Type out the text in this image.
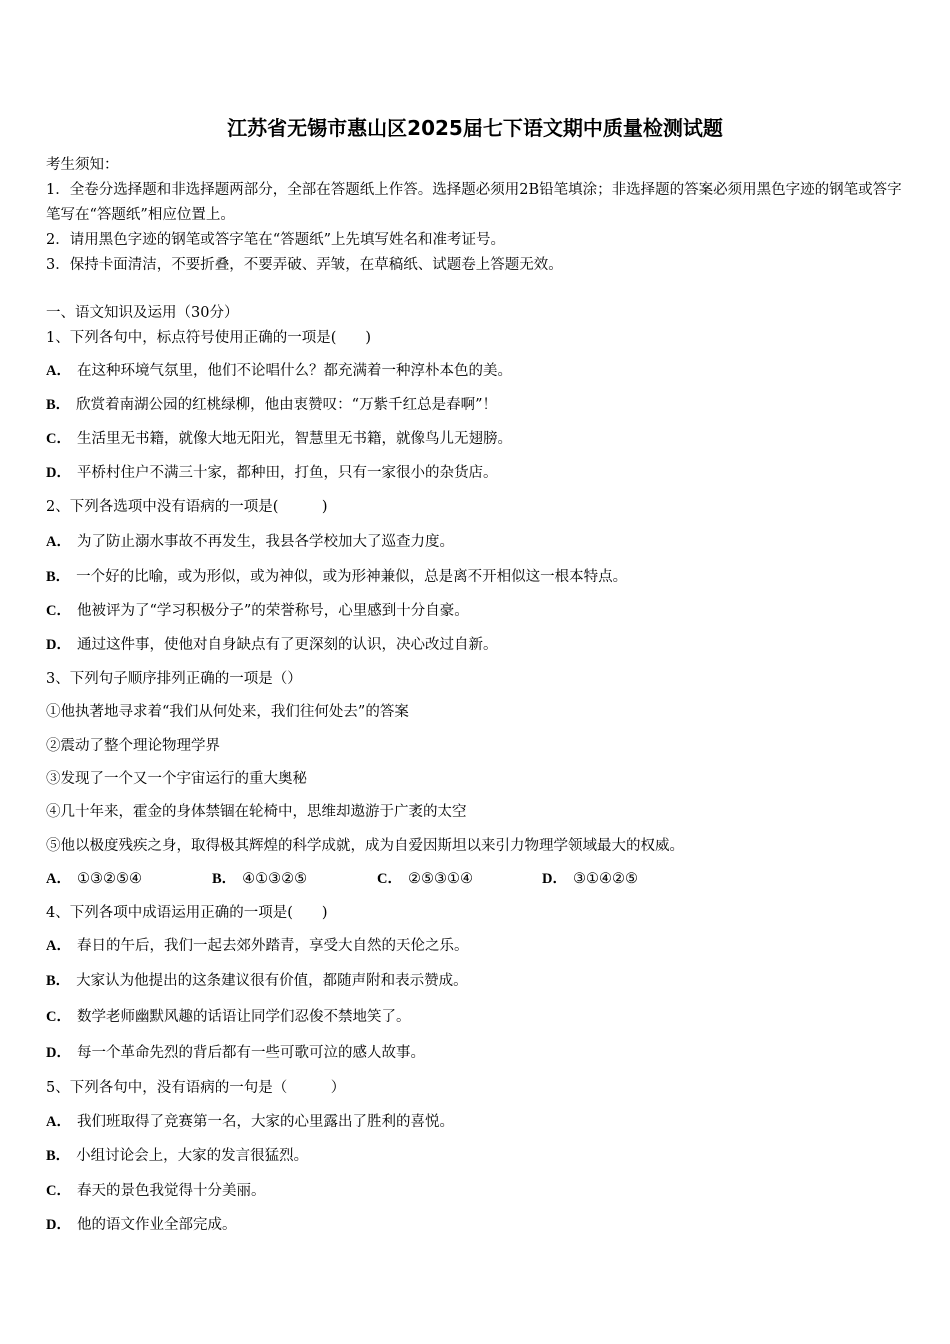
江苏省无锡市惠山区2025届七下语文期中质量检测试题

考生须知：

1．全卷分选择题和非选择题两部分，全部在答题纸上作答。选择题必须用2B铅笔填涂；非选择题的答案必须用黑色字迹的钢笔或答字笔写在“答题纸”相应位置上。

2．请用黑色字迹的钢笔或答字笔在“答题纸”上先填写姓名和准考证号。

3．保持卡面清洁，不要折叠，不要弄破、弄皱，在草稿纸、试题卷上答题无效。

一、语文知识及运用（30分）
1、下列各句中，标点符号使用正确的一项是(　　)
A． 在这种环境气氛里，他们不论唱什么？都充满着一种淳朴本色的美。
B． 欣赏着南湖公园的红桃绿柳，他由衷赞叹：“万紫千红总是春啊”！
C． 生活里无书籍，就像大地无阳光，智慧里无书籍，就像鸟儿无翅膀。
D． 平桥村住户不满三十家，都种田，打鱼，只有一家很小的杂货店。
2、下列各选项中没有语病的一项是(　　　)
A． 为了防止溺水事故不再发生，我县各学校加大了巡查力度。
B． 一个好的比喻，或为形似，或为神似，或为形神兼似，总是离不开相似这一根本特点。
C． 他被评为了“学习积极分子”的荣誉称号，心里感到十分自豪。
D． 通过这件事，使他对自身缺点有了更深刻的认识，决心改过自新。
3、下列句子顺序排列正确的一项是（）
①他执著地寻求着“我们从何处来，我们往何处去”的答案
②震动了整个理论物理学界
③发现了一个又一个宇宙运行的重大奥秘
④几十年来，霍金的身体禁锢在轮椅中，思维却遨游于广袤的太空
⑤他以极度残疾之身，取得极其辉煌的科学成就，成为自爱因斯坦以来引力物理学领域最大的权威。
A． ①③②⑤④	B． ④①③②⑤	C． ②⑤③①④	D． ③①④②⑤
4、下列各项中成语运用正确的一项是(　　)
A． 春日的午后，我们一起去郊外踏青，享受大自然的天伦之乐。
B． 大家认为他提出的这条建议很有价值，都随声附和表示赞成。
C． 数学老师幽默风趣的话语让同学们忍俊不禁地笑了。
D． 每一个革命先烈的背后都有一些可歌可泣的感人故事。
5、下列各句中，没有语病的一句是（　　　）
A． 我们班取得了竞赛第一名，大家的心里露出了胜利的喜悦。
B． 小组讨论会上，大家的发言很猛烈。
C． 春天的景色我觉得十分美丽。
D． 他的语文作业全部完成。
